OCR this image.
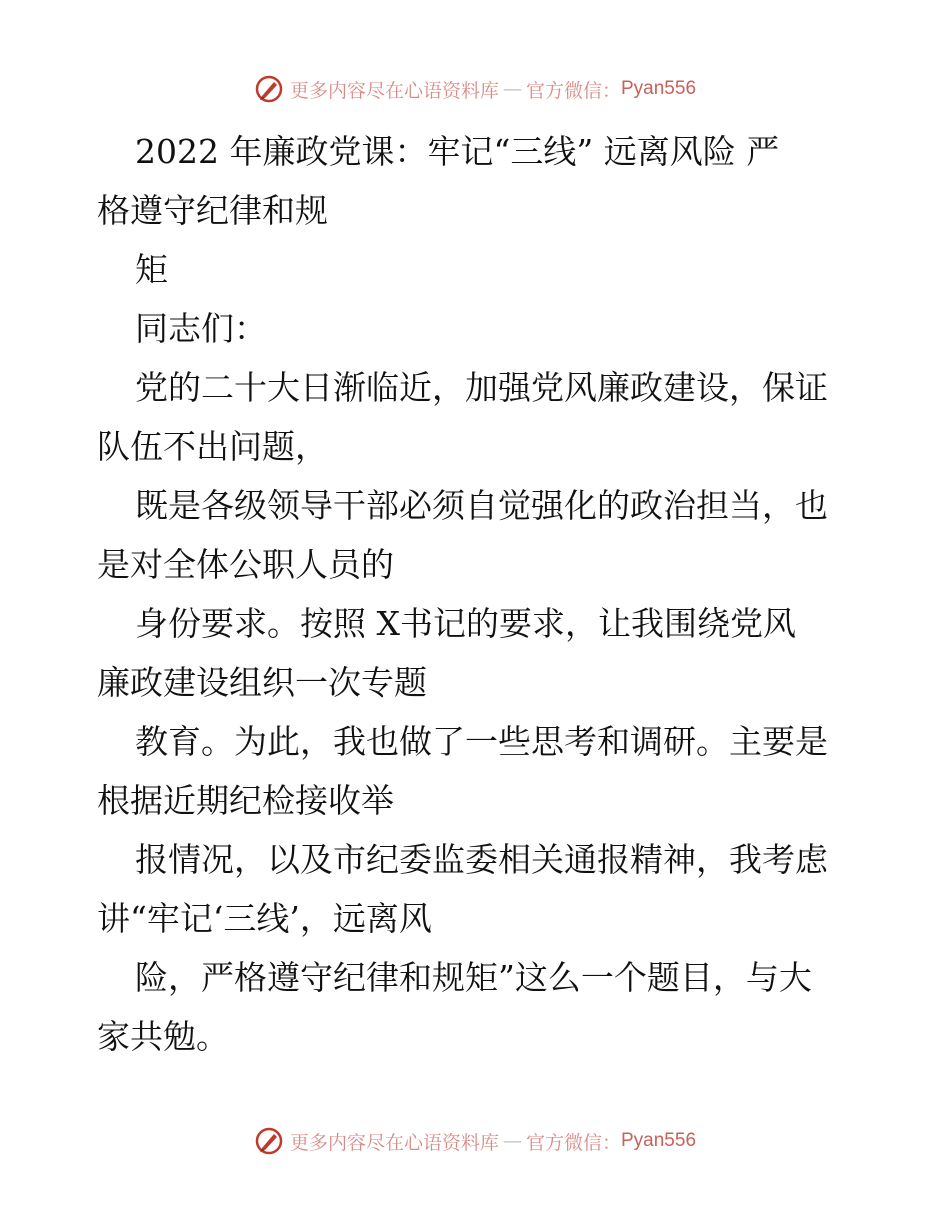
更多内容尽在心语资料库 — 官方微信： Pyan556
2022 年廉政党课：牢记“三线” 远离风险 严
格遵守纪律和规
矩
同志们：
党的二十大日渐临近，加强党风廉政建设，保证
队伍不出问题，
既是各级领导干部必须自觉强化的政治担当，也
是对全体公职人员的
身份要求。按照 X书记的要求，让我围绕党风
廉政建设组织一次专题
教育。为此，我也做了一些思考和调研。主要是
根据近期纪检接收举
报情况，以及市纪委监委相关通报精神，我考虑
讲“牢记‘三线’，远离风
险，严格遵守纪律和规矩”这么一个题目，与大
家共勉。
更多内容尽在心语资料库 — 官方微信： Pyan556
